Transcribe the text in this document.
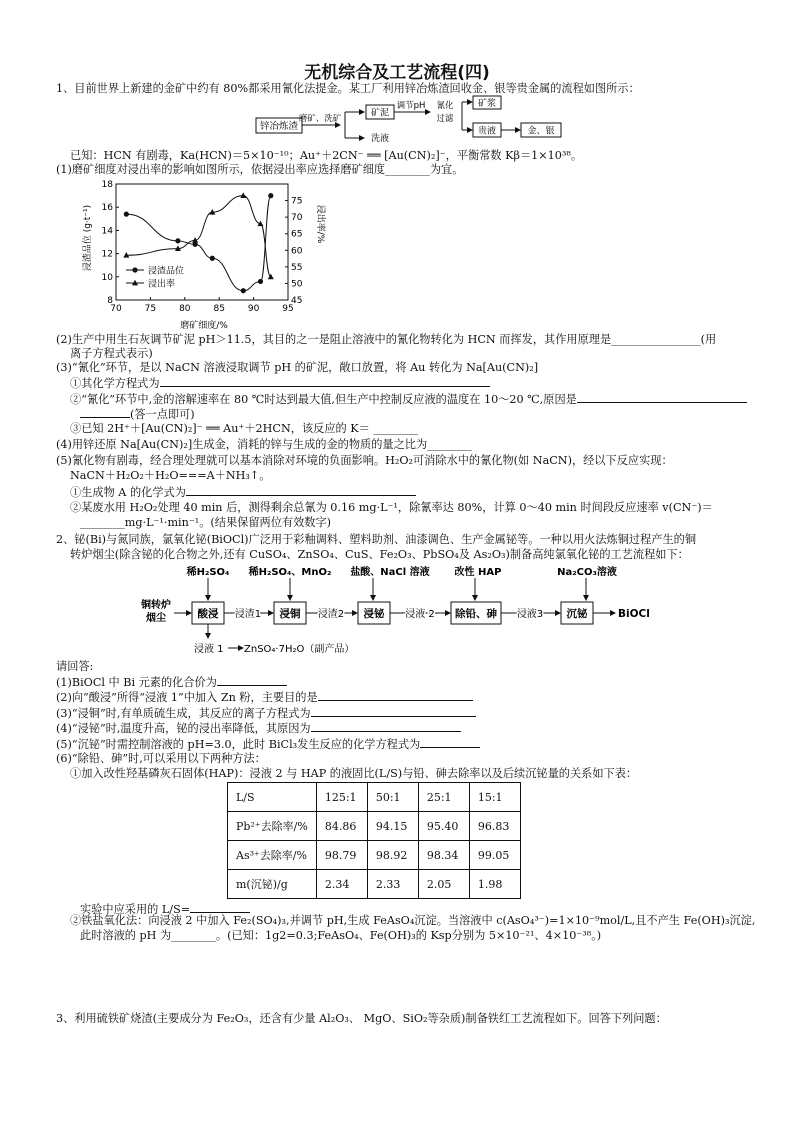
无机综合及工艺流程(四)
1、目前世界上新建的金矿中约有 80%都采用氰化法提金。某工厂利用锌冶炼渣回收金、银等贵金属的流程如图所示：
锌冶炼渣
磨矿、洗矿
矿泥
洗液
调节pH 氰化
过滤
矿浆
贵液	金、银
已知：HCN 有剧毒，Ka(HCN)＝5×10⁻¹⁰；Au⁺＋2CN⁻ ══ [Au(CN)₂]⁻，平衡常数 Kβ＝1×10³⁸。
(1)磨矿细度对浸出率的影响如图所示，依据浸出率应选择磨矿细度________为宜。
浸渣品位 (g·t⁻¹)	浸出率/%
磨矿细度/%
70	75	80	85	90	95
8
10
12
14
16
18
45
50
55
60
65
70
75
浸渣品位
浸出率
(2)生产中用生石灰调节矿泥 pH＞11.5，其目的之一是阻止溶液中的氰化物转化为 HCN 而挥发，其作用原理是________________(用
离子方程式表示)
(3)“氰化”环节，是以 NaCN 溶液浸取调节 pH 的矿泥，敞口放置，将 Au 转化为 Na[Au(CN)₂]
①其化学方程式为
②“氰化”环节中,金的溶解速率在 80 ℃时达到最大值,但生产中控制反应液的温度在 10～20 ℃,原因是
(答一点即可)
③已知 2H⁺＋[Au(CN)₂]⁻ ══ Au⁺＋2HCN，该反应的 K＝ ________
(4)用锌还原 Na[Au(CN)₂]生成金，消耗的锌与生成的金的物质的量之比为________
(5)氰化物有剧毒，经合理处理就可以基本消除对环境的负面影响。H₂O₂可消除水中的氰化物(如 NaCN)，经以下反应实现：
NaCN＋H₂O₂＋H₂O===A＋NH₃↑。
①生成物 A 的化学式为
②某废水用 H₂O₂处理 40 min 后，测得剩余总氰为 0.16 mg·L⁻¹，除氰率达 80%，计算 0～40 min 时间段反应速率 v(CN⁻)＝
________mg·L⁻¹·min⁻¹。(结果保留两位有效数字)
2、铋(Bi)与氮同族，氯氧化铋(BiOCl)广泛用于彩釉调料、塑料助剂、油漆调色、生产金属铋等。一种以用火法炼铜过程产生的铜
转炉烟尘(除含铋的化合物之外,还有 CuSO₄、ZnSO₄、CuS、Fe₂O₃、PbSO₄及 As₂O₃)制备高纯氯氧化铋的工艺流程如下：
稀H₂SO₄ 稀H₂SO₄、MnO₂ 盐酸、NaCl 溶液 改性 HAP	Na₂CO₃溶液
铜转炉
烟尘	酸浸 浸渣1 浸铜 浸渣2 浸铋 浸液 2 除铅、砷 浸液3 沉铋	BiOCl
浸液 1 ZnSO₄·7H₂O（副产品）
请回答:
(1)BiOCl 中 Bi 元素的化合价为
(2)向“酸浸”所得“浸液 1”中加入 Zn 粉，主要目的是
(3)“浸铜”时,有单质硫生成，其反应的离子方程式为
(4)“浸铋”时,温度升高，铋的浸出率降低，其原因为
(5)“沉铋”时需控制溶液的 pH=3.0，此时 BiCl₃发生反应的化学方程式为
(6)“除铅、砷”时,可以采用以下两种方法：
①加入改性羟基磷灰石固体(HAP)：浸液 2 与 HAP 的液固比(L/S)与铅、砷去除率以及后续沉铋量的关系如下表：
L/S	125:1	50:1	25:1	15:1
Pb²⁺去除率/%	84.86	94.15	95.40	96.83
As³⁺去除率/%	98.79	98.92	98.34	99.05
m(沉铋)/g	2.34	2.33	2.05	1.98
实验中应采用的 L/S=
②铁盐氧化法：向浸液 2 中加入 Fe₂(SO₄)₃,并调节 pH,生成 FeAsO₄沉淀。当溶液中 c(AsO₄³⁻)=1×10⁻⁹mol/L,且不产生 Fe(OH)₃沉淀,
此时溶液的 pH 为________。(已知：1g2=0.3;FeAsO₄、Fe(OH)₃的 Ksp分别为 5×10⁻²¹、4×10⁻³⁸。)
3、利用硫铁矿烧渣(主要成分为 Fe₂O₃，还含有少量 Al₂O₃、 MgO、SiO₂等杂质)制备铁红工艺流程如下。回答下列问题：
